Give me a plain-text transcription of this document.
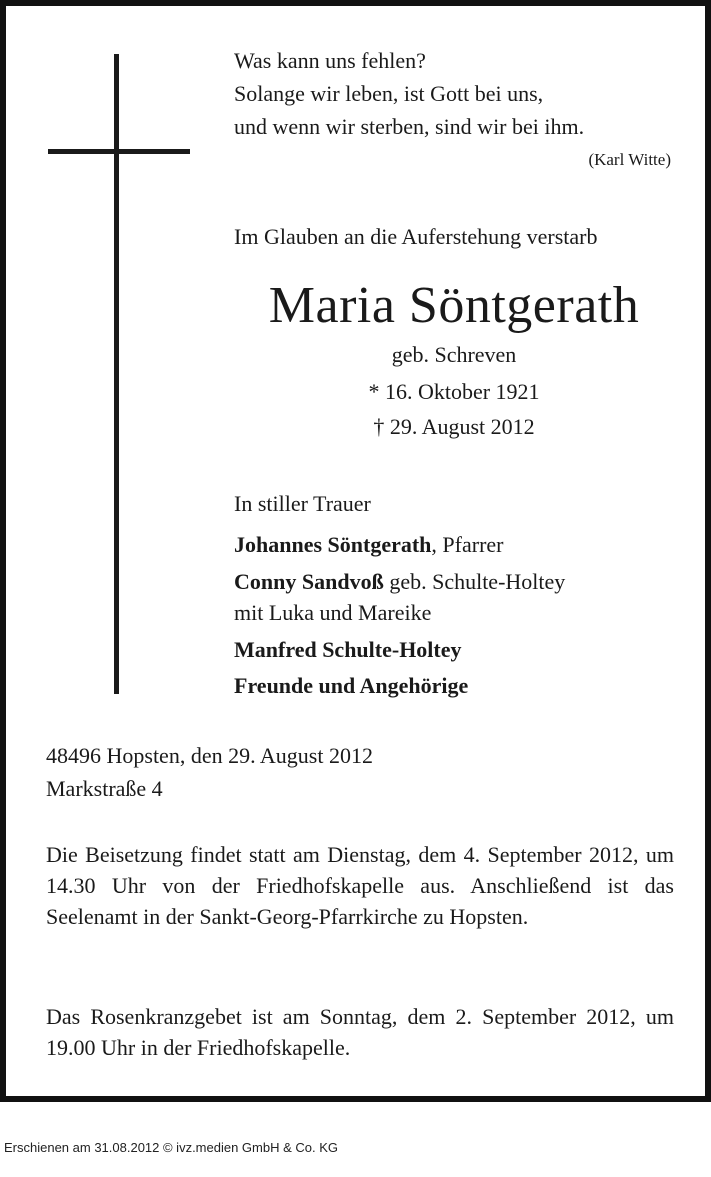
Was kann uns fehlen?
Solange wir leben, ist Gott bei uns,
und wenn wir sterben, sind wir bei ihm.
(Karl Witte)
Im Glauben an die Auferstehung verstarb
Maria Söntgerath
geb. Schreven
* 16. Oktober 1921
† 29. August 2012
In stiller Trauer
Johannes Söntgerath, Pfarrer
Conny Sandvoß geb. Schulte-Holtey
mit Luka und Mareike
Manfred Schulte-Holtey
Freunde und Angehörige
48496 Hopsten, den 29. August 2012
Markstraße 4
Die Beisetzung findet statt am Dienstag, dem 4. September 2012, um 14.30 Uhr von der Friedhofskapelle aus. Anschließend ist das Seelenamt in der Sankt-Georg-Pfarrkirche zu Hopsten.
Das Rosenkranzgebet ist am Sonntag, dem 2. September 2012, um 19.00 Uhr in der Friedhofskapelle.
Erschienen am 31.08.2012 © ivz.medien GmbH & Co. KG
